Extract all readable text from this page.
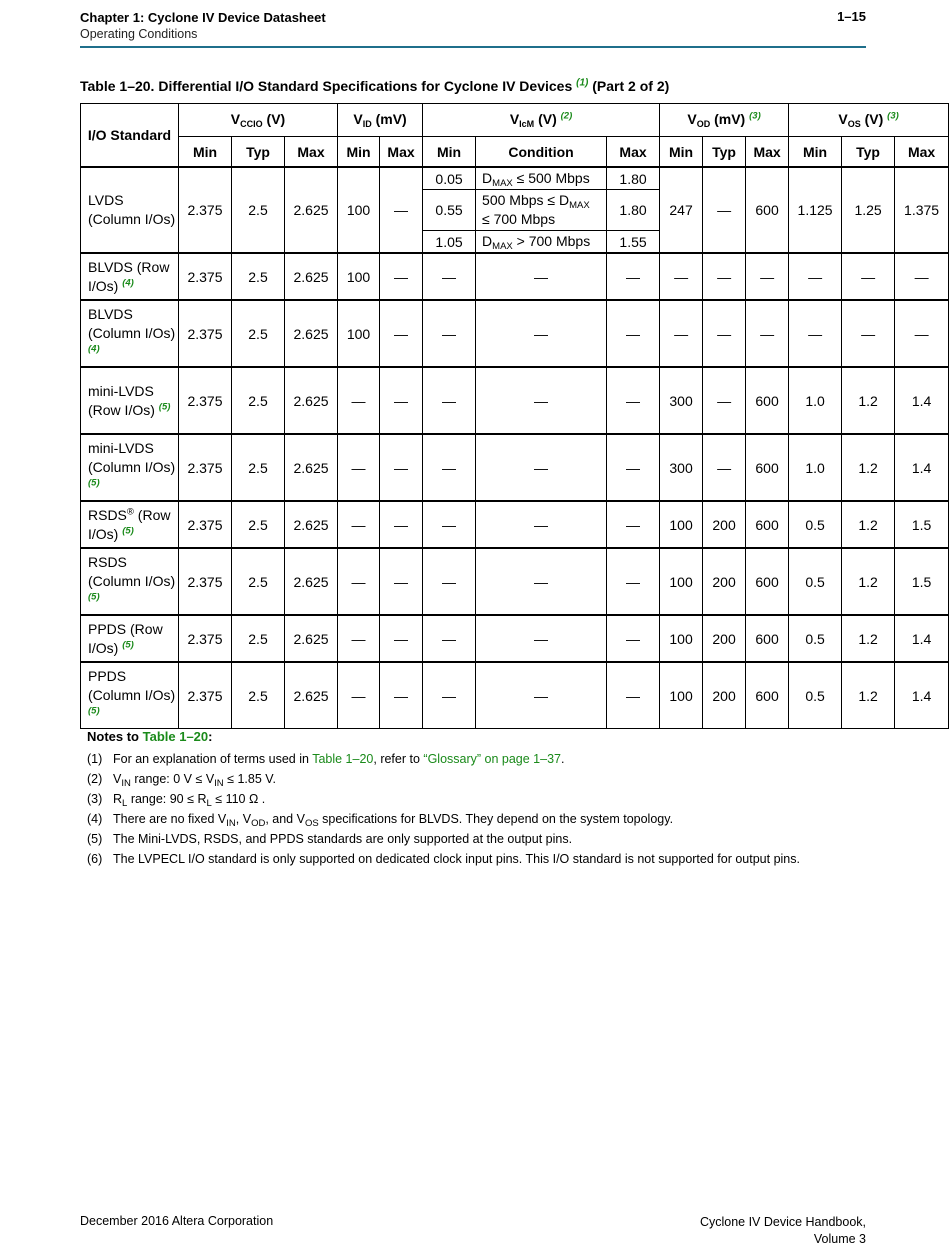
Chapter 1: Cyclone IV Device Datasheet
Operating Conditions
1–15
Table 1–20. Differential I/O Standard Specifications for Cyclone IV Devices $^{(1)}$ (Part 2 of 2)
I/O Standard	$V_{CCIO}$ (V)			$V_{ID}$ (mV)		$V_{IcM}$ (V) $^{(2)}$			$V_{OD}$ (mV) $^{(3)}$			$V_{OS}$ (V) $^{(3)}$
	Min	Typ	Max	Min	Max	Min	Condition	Max	Min	Typ	Max	Min	Typ	Max
LVDS (Column I/Os)	2.375	2.5	2.625	100	—	0.05	$D_{MAX} \le 500$ Mbps	1.80	247	—	600	1.125	1.25	1.375
						0.55	500 Mbps ≤ $D_{MAX}$
≤ 700 Mbps	1.80						
						1.05	$D_{MAX} > 700$ Mbps	1.55						
BLVDS (Row I/Os) $^{(4)}$	2.375	2.5	2.625	100	—	—	—	—	—	—	—	—	—	—
BLVDS (Column I/Os) $^{(4)}$	2.375	2.5	2.625	100	—	—	—	—	—	—	—	—	—	—
mini-LVDS (Row I/Os) $^{(5)}$	2.375	2.5	2.625	—	—	—	—	—	300	—	600	1.0	1.2	1.4
mini-LVDS (Column I/Os) $^{(5)}$	2.375	2.5	2.625	—	—	—	—	—	300	—	600	1.0	1.2	1.4
RSDS® (Row I/Os) $^{(5)}$	2.375	2.5	2.625	—	—	—	—	—	100	200	600	0.5	1.2	1.5
RSDS (Column I/Os) $^{(5)}$	2.375	2.5	2.625	—	—	—	—	—	100	200	600	0.5	1.2	1.5
PPDS (Row I/Os) $^{(5)}$	2.375	2.5	2.625	—	—	—	—	—	100	200	600	0.5	1.2	1.4
PPDS (Column I/Os) $^{(5)}$	2.375	2.5	2.625	—	—	—	—	—	100	200	600	0.5	1.2	1.4
Notes to Table 1–20:
(1) For an explanation of terms used in Table 1–20, refer to “Glossary” on page 1–37.
(2) $V_{IN}$ range: 0 $V \le V_{IN} \le 1.85$ V.
(3) $R_L$ range: $90 \le R_L \le 110$ Ω .
(4) There are no fixed $V_{IN}$, $V_{OD}$, and $V_{OS}$ specifications for BLVDS. They depend on the system topology.
(5) The Mini-LVDS, RSDS, and PPDS standards are only supported at the output pins.
(6) The LVPECL I/O standard is only supported on dedicated clock input pins. This I/O standard is not supported for output pins.
December 2016 Altera Corporation	Cyclone IV Device Handbook,
Volume 3
